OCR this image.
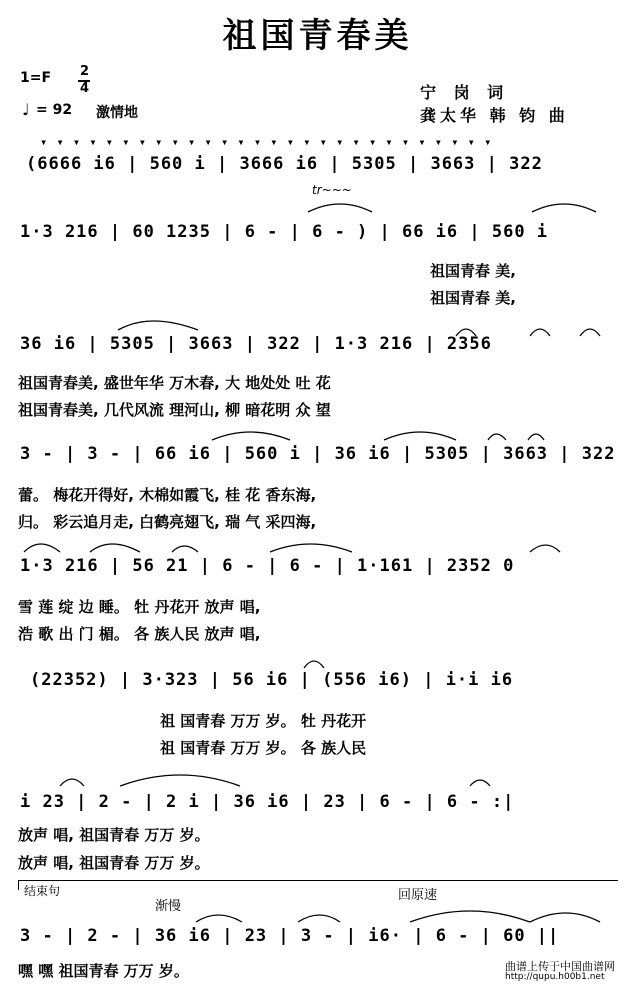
祖国青春美
1=F 2
4
♩ = 92 激情地
宁 岗 词
龚太华 韩 钧 曲
▾ ▾ ▾ ▾ ▾ ▾ ▾ ▾ ▾ ▾ ▾ ▾ ▾ ▾ ▾ ▾ ▾ ▾ ▾ ▾ ▾ ▾ ▾ ▾ ▾ ▾ ▾ ▾
(6666 i6 | 560 i | 3666 i6 | 5305 | 3663 | 322
tr~~~
1·3 216 | 60 1235 | 6 - | 6 - ) | 66 i6 | 560 i
祖国青春 美,
祖国青春 美,
36 i6 | 5305 | 3663 | 322 | 1·3 216 | 2356
祖国青春美, 盛世年华 万木春, 大 地处处 吐 花
祖国青春美, 几代风流 理河山, 柳 暗花明 众 望
3 - | 3 - | 66 i6 | 560 i | 36 i6 | 5305 | 3663 | 322
蕾。 梅花开得好, 木棉如霞飞, 桂 花 香东海,
归。 彩云追月走, 白鹤亮翅飞, 瑞 气 采四海,
1·3 216 | 56 21 | 6 - | 6 - | 1·161 | 2352 0
雪 莲 绽 边 睡。 牡 丹花开 放声 唱,
浩 歌 出 门 楣。 各 族人民 放声 唱,
(22352) | 3·323 | 56 i6 | (556 i6) | i·i i6
祖 国青春 万万 岁。 牡 丹花开
祖 国青春 万万 岁。 各 族人民
i 23 | 2 - | 2 i | 36 i6 | 23 | 6 - | 6 - :|
放声 唱, 祖国青春 万万 岁。
放声 唱, 祖国青春 万万 岁。
结束句
渐慢
回原速
3 - | 2 - | 36 i6 | 23 | 3 - | i6· | 6 - | 60 ||
嘿 嘿 祖国青春 万万 岁。	曲谱上传于中国曲谱网
http://qupu.h00b1.net
